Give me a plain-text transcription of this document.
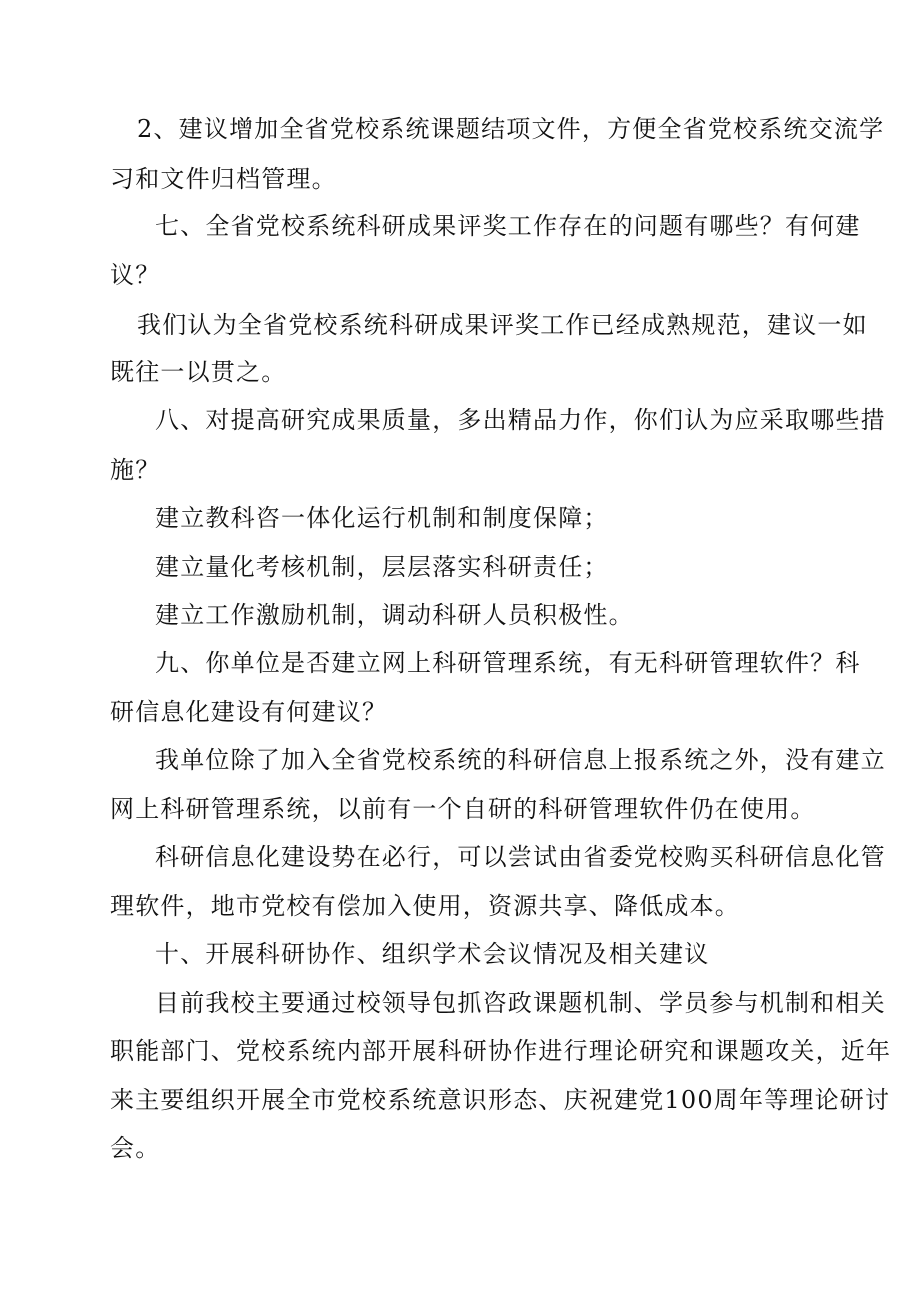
2、建议增加全省党校系统课题结项文件，方便全省党校系统交流学
习和文件归档管理。
七、全省党校系统科研成果评奖工作存在的问题有哪些？有何建
议？
我们认为全省党校系统科研成果评奖工作已经成熟规范，建议一如
既往一以贯之。
八、对提高研究成果质量，多出精品力作，你们认为应采取哪些措
施？
建立教科咨一体化运行机制和制度保障；
建立量化考核机制，层层落实科研责任；
建立工作激励机制，调动科研人员积极性。
九、你单位是否建立网上科研管理系统，有无科研管理软件？科
研信息化建设有何建议？
我单位除了加入全省党校系统的科研信息上报系统之外，没有建立
网上科研管理系统，以前有一个自研的科研管理软件仍在使用。
科研信息化建设势在必行，可以尝试由省委党校购买科研信息化管
理软件，地市党校有偿加入使用，资源共享、降低成本。
十、开展科研协作、组织学术会议情况及相关建议
目前我校主要通过校领导包抓咨政课题机制、学员参与机制和相关
职能部门、党校系统内部开展科研协作进行理论研究和课题攻关，近年
来主要组织开展全市党校系统意识形态、庆祝建党100周年等理论研讨
会。
